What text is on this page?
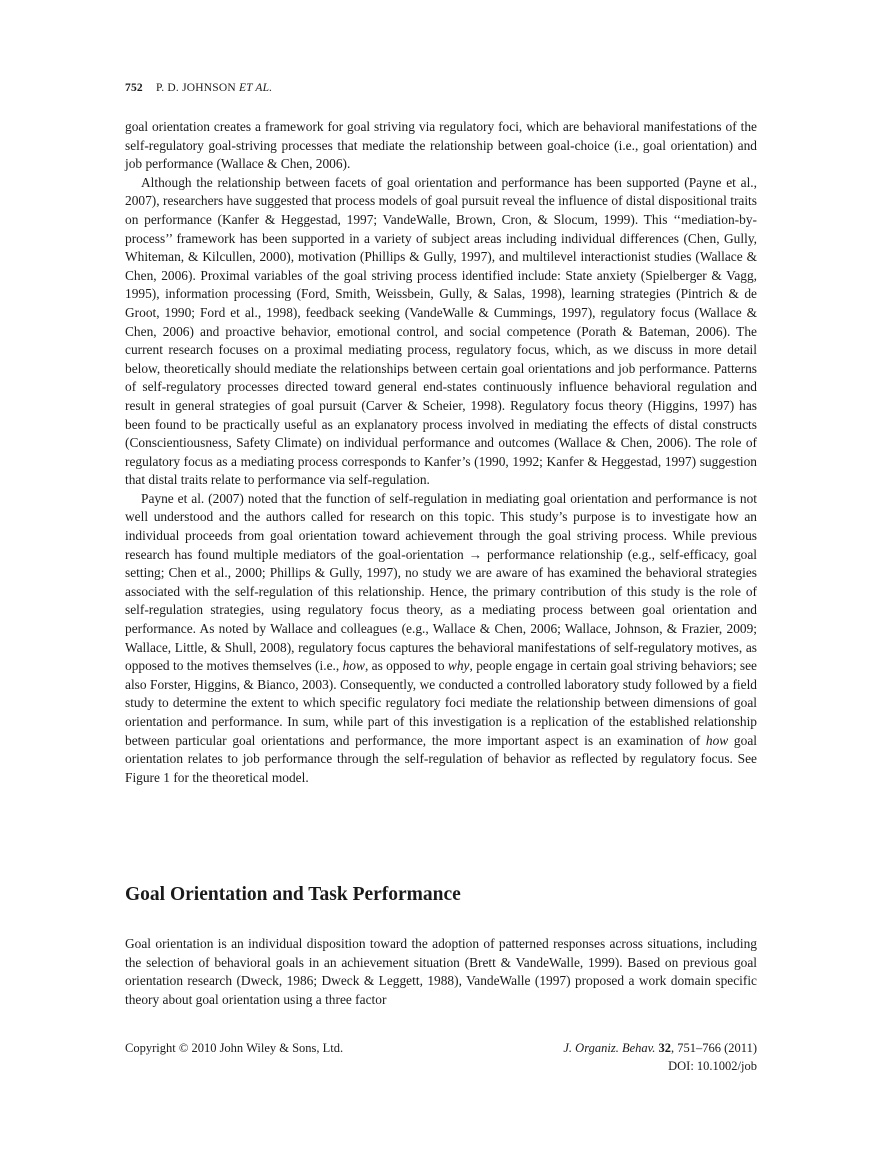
752 P. D. JOHNSON ET AL.

goal orientation creates a framework for goal striving via regulatory foci, which are behavioral manifestations of the self-regulatory goal-striving processes that mediate the relationship between goal-choice (i.e., goal orientation) and job performance (Wallace & Chen, 2006).

Although the relationship between facets of goal orientation and performance has been supported (Payne et al., 2007), researchers have suggested that process models of goal pursuit reveal the influence of distal dispositional traits on performance (Kanfer & Heggestad, 1997; VandeWalle, Brown, Cron, & Slocum, 1999). This ‘‘mediation-by-process’’ framework has been supported in a variety of subject areas including individual differences (Chen, Gully, Whiteman, & Kilcullen, 2000), motivation (Phillips & Gully, 1997), and multilevel interactionist studies (Wallace & Chen, 2006). Proximal variables of the goal striving process identified include: State anxiety (Spielberger & Vagg, 1995), information processing (Ford, Smith, Weissbein, Gully, & Salas, 1998), learning strategies (Pintrich & de Groot, 1990; Ford et al., 1998), feedback seeking (VandeWalle & Cummings, 1997), regulatory focus (Wallace & Chen, 2006) and proactive behavior, emotional control, and social competence (Porath & Bateman, 2006). The current research focuses on a proximal mediating process, regulatory focus, which, as we discuss in more detail below, theoretically should mediate the relationships between certain goal orientations and job performance. Patterns of self-regulatory processes directed toward general end-states continuously influence behavioral regulation and result in general strategies of goal pursuit (Carver & Scheier, 1998). Regulatory focus theory (Higgins, 1997) has been found to be practically useful as an explanatory process involved in mediating the effects of distal constructs (Conscientiousness, Safety Climate) on individual performance and outcomes (Wallace & Chen, 2006). The role of regulatory focus as a mediating process corresponds to Kanfer’s (1990, 1992; Kanfer & Heggestad, 1997) suggestion that distal traits relate to performance via self-regulation.

Payne et al. (2007) noted that the function of self-regulation in mediating goal orientation and performance is not well understood and the authors called for research on this topic. This study’s purpose is to investigate how an individual proceeds from goal orientation toward achievement through the goal striving process. While previous research has found multiple mediators of the goal-orientation → performance relationship (e.g., self-efficacy, goal setting; Chen et al., 2000; Phillips & Gully, 1997), no study we are aware of has examined the behavioral strategies associated with the self-regulation of this relationship. Hence, the primary contribution of this study is the role of self-regulation strategies, using regulatory focus theory, as a mediating process between goal orientation and performance. As noted by Wallace and colleagues (e.g., Wallace & Chen, 2006; Wallace, Johnson, & Frazier, 2009; Wallace, Little, & Shull, 2008), regulatory focus captures the behavioral manifestations of self-regulatory motives, as opposed to the motives themselves (i.e., how, as opposed to why, people engage in certain goal striving behaviors; see also Forster, Higgins, & Bianco, 2003). Consequently, we conducted a controlled laboratory study followed by a field study to determine the extent to which specific regulatory foci mediate the relationship between dimensions of goal orientation and performance. In sum, while part of this investigation is a replication of the established relationship between particular goal orientations and performance, the more important aspect is an examination of how goal orientation relates to job performance through the self-regulation of behavior as reflected by regulatory focus. See Figure 1 for the theoretical model.

Goal Orientation and Task Performance

Goal orientation is an individual disposition toward the adoption of patterned responses across situations, including the selection of behavioral goals in an achievement situation (Brett & VandeWalle, 1999). Based on previous goal orientation research (Dweck, 1986; Dweck & Leggett, 1988), VandeWalle (1997) proposed a work domain specific theory about goal orientation using a three factor

Copyright © 2010 John Wiley & Sons, Ltd.	J. Organiz. Behav. 32, 751–766 (2011)
DOI: 10.1002/job
